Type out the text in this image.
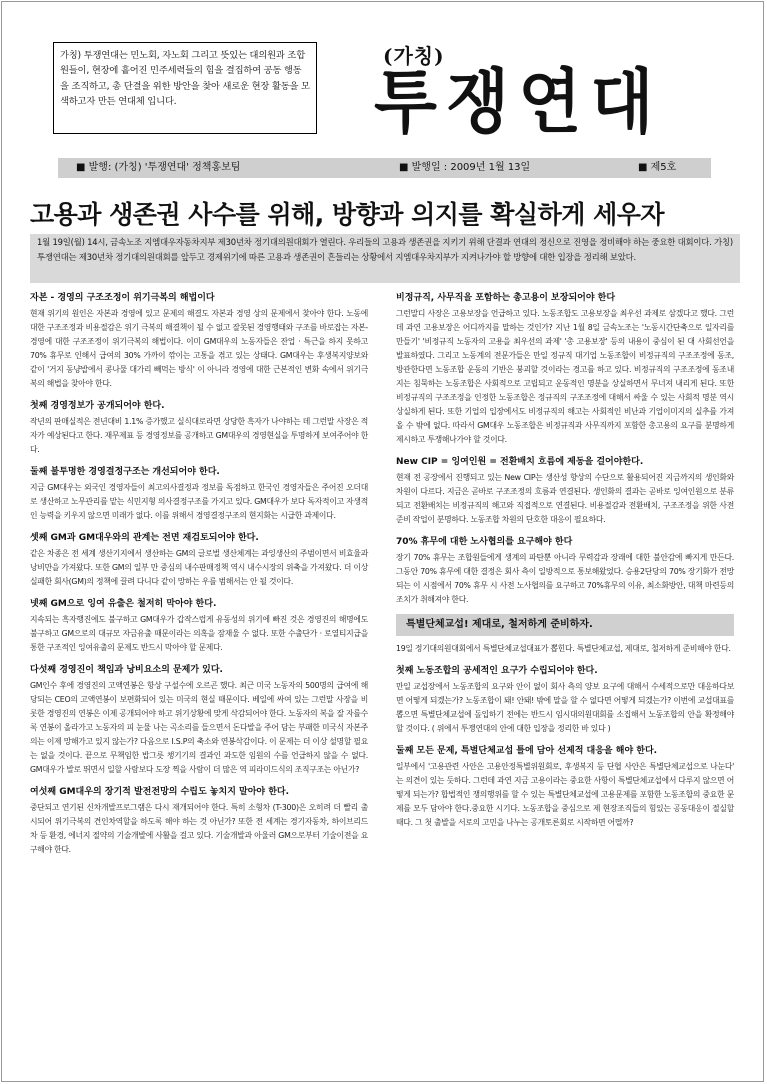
가칭) 투쟁연대는 민노회, 자노회 그리고 뜻있는 대의원과 조합원들이, 현장에 흩어진 민주세력들의 힘을 결집하여 공동 행동을 조직하고, 총 단결을 위한 방안을 찾아 새로운 현장 활동을 모색하고자 만든 연대체 입니다.
(가칭)
투쟁연대
■ 발행: (가칭) '투쟁연대' 정책홍보팀	■ 발행일 : 2009년 1월 13일	■ 제5호
고용과 생존권 사수를 위해, 방향과 의지를 확실하게 세우자
1월 19일(월) 14시, 금속노조 지엠대우자동차지부 제30년차 정기대의원대회가 열린다. 우리들의 고용과 생존권을 지키기 위해 단결과 연대의 정신으로 진영을 정비해야 하는 중요한 대회이다. 가칭)투쟁연대는 제30년차 정기대의원대회를 앞두고 경제위기에 따른 고용과 생존권이 흔들리는 상황에서 지엠대우차지부가 지켜나가야 할 방향에 대한 입장을 정리해 보았다.
자본 - 경영의 구조조정이 위기극복의 해법이다
현재 위기의 원인은 자본과 경영에 있고 문제의 해결도 자본과 경영 상의 문제에서 찾아야 한다. 노동에 대한 구조조정과 비용절감은 위기 극복의 해결책이 될 수 없고 잘못된 경영행태와 구조를 바로잡는 자본-경영에 대한 구조조정이 위기극복의 해법이다. 이미 GM대우의 노동자들은 잔업 · 특근을 하지 못하고 70% 휴무로 인해서 급여의 30% 가까이 깎이는 고통을 겪고 있는 상태다. GM대우는 후생복지양보와 같이 '거지 동냥밥에서 콩나물 대가리 빼먹는 방식' 이 아니라 경영에 대한 근본적인 변화 속에서 위기극복의 해법을 찾아야 한다.
첫째 경영정보가 공개되어야 한다.
작년의 판매실적은 전년대비 1.1% 증가했고 실식대로라면 상당한 흑자가 나야하는 데 그런말 사장은 적자가 예상된다고 한다. 재무제표 등 경영정보를 공개하고 GM대우의 경영현실을 투명하게 보여주어야 한다.
둘째 불투명한 경영결정구조는 개선되어야 한다.
지금 GM대우는 외국인 경영자들이 최고의사결정과 정보를 독점하고 한국인 경영자들은 주어진 오더대로 생산하고 노무관리를 맡는 식민지형 의사결정구조를 가지고 있다. GM대우가 보다 독자적이고 자생적인 능력을 키우지 않으면 미래가 없다. 이를 위해서 경영결정구조의 현지화는 시급한 과제이다.
셋째 GM과 GM대우와의 관계는 전면 재검토되어야 한다.
같은 차종은 전 세계 생산기지에서 생산하는 GM의 글로벌 생산체계는 과잉생산의 주범이면서 비효율과 낭비만을 가져왔다. 또한 GM의 일부 만 중심의 내수판매정책 역시 내수시장의 위축을 가져왔다. 더 이상 실패한 회사(GM)의 정책에 끌려 다니다 같이 망하는 우를 범해서는 안 될 것이다.
넷째 GM으로 잉여 유출은 철저히 막아야 한다.
지속되는 흑자행진에도 불구하고 GM대우가 갑작스럽게 유동성의 위기에 빠진 것은 경영진의 해명에도 불구하고 GM으로의 대규모 자금유출 때문이라는 의혹을 잠재울 수 없다. 또한 수출단가 · 로열티지급을 통한 구조적인 잉여유출의 문제도 반드시 막아야 할 문제다.
다섯째 경영진이 책임과 낭비요소의 문제가 있다.
GM인수 후에 경영진의 고액연봉은 항상 구설수에 오르곤 했다. 최근 미국 노동자의 500명의 급여에 해당되는 CEO의 고액연봉이 보편화되어 있는 미국의 현실 때문이다. 베일에 싸여 있는 그런말 사장을 비롯한 경영진의 연봉은 이제 공개되어야 하고 위기상황에 맞게 삭감되어야 한다. 노동자의 복을 잘 자를수록 연봉이 올라가고 노동자의 피 눈물 나는 곡소리를 들으면서 돈다발을 주어 담는 부패한 미국식 자본주의는 이제 망해가고 있지 않는가? 다음으로 I.S.P의 축소와 연봉삭감이다. 이 문제는 더 이상 설명할 필요는 없을 것이다. 끝으로 무책임한 밥그릇 챙기기의 결과인 과도한 임원의 수를 언급하지 않을 수 없다. GM대우가 발로 뛰면서 일할 사람보다 도장 찍을 사람이 더 많은 역 피라미드식의 조직구조는 아닌가?
여섯째 GM대우의 장기적 발전전망의 수립도 놓치지 말아야 한다.
중단되고 연기된 신차개발프로그램은 다시 재개되어야 한다. 특히 소형차 (T-300)은 오히려 더 빨리 출시되어 위기극복의 견인차역할을 하도록 해야 하는 것 아닌가? 또한 전 세계는 경기자동차, 하이브리드 차 등 환경, 에너지 절약의 기술개발에 사활을 걸고 있다. 기술개발과 아울러 GM으로부터 기술이전을 요구해야 한다.
비정규직, 사무직을 포함하는 총고용이 보장되어야 한다
그런말디 사장은 고용보장을 언급하고 있다. 노동조합도 고용보장을 최우선 과제로 삼겠다고 했다. 그런데 과연 고용보장은 어디까지를 말하는 것인가? 지난 1월 8일 금속노조는 '노동시간단축으로 일자리를 만들기' '비정규직 노동자의 고용을 최우선의 과제' '총 고용보장' 등의 내용이 중심이 된 대 사회선언을 발표하였다. 그리고 노동계의 전문가들은 만일 정규직 대기업 노동조합이 비정규직의 구조조정에 동조, 방관한다면 노동조합 운동의 기반은 붕괴할 것이라는 경고를 하고 있다. 비정규직의 구조조정에 동조내지는 침묵하는 노동조합은 사회적으로 고립되고 운동적인 명분을 상실하면서 무너져 내리게 된다. 또한 비정규직의 구조조정을 인정한 노동조합은 정규직의 구조조정에 대해서 싸울 수 있는 사회적 명분 역시 상실하게 된다. 또한 기업의 입장에서도 비정규직의 해고는 사회적인 비난과 기업이미지의 실추를 가져올 수 밖에 없다. 따라서 GM대우 노동조합은 비정규직과 사무직까지 포함한 총고용의 요구를 분명하게 제시하고 투쟁해나가야 할 것이다.
New CIP = 잉여인원 = 전환배치 흐름에 제동을 걸어야한다.
현재 전 공장에서 진행되고 있는 New CIP는 생산성 향상의 수단으로 활용되어진 지금까지의 생인화와차원이 다르다. 지금은 곧바로 구조조정의 흐름과 연결된다. 생인화의 결과는 곧바로 잉여인원으로 분류되고 전환배치는 비정규직의 해고와 직접적으로 연결된다. 비용절감과 전환배치, 구조조정을 위한 사전 준비 작업이 분명하다. 노동조합 차원의 단호한 대응이 필요하다.
70% 휴무에 대한 노사협의를 요구해야 한다
장기 70% 휴무는 조합원들에게 생계의 파탄뿐 아니라 무력감과 장래에 대한 불안감에 빠지게 만든다. 그동안 70% 휴무에 대한 결정은 회사 측이 일방적으로 통보해왔었다. 승용2단당의 70% 장기화가 전망되는 이 시점에서 70% 휴무 시 사전 노사협의를 요구하고 70%휴무의 이유, 최소화방안, 대책 마련등의 조치가 취해져야 한다.
특별단체교섭! 제대로, 철저하게 준비하자.
19일 정기대의원대회에서 특별단체교섭대표가 뽑힌다. 특별단체교섭, 제대로, 철저하게 준비해야 한다.
첫째 노동조합의 공세적인 요구가 수립되어야 한다.
만일 교섭장에서 노동조합의 요구와 안이 없이 회사 측의 양보 요구에 대해서 수세적으로만 대응하다보면 어떻게 되겠는가? 노동조합이 돼! 안돼! 밖에 말을 할 수 없다면 어떻게 되겠는가? 이번에 교섭대표를 뽑으면 특별단체교섭에 돌입하기 전에는 반드시 임시대의원대회를 소집해서 노동조합의 안을 확정해야 할 것이다. ( 위에서 투쟁연대의 안에 대한 입장을 정리한 바 있다 )
둘째 모든 문제, 특별단체교섭 틀에 담아 선제적 대응을 해야 한다.
일부에서 '고용관련 사안은 고용안정특별위원회로, 후생복지 등 단협 사안은 특별단체교섭으로 나눈다' 는 의견이 있는 듯하다. 그런데 과연 지금 고용이라는 중요한 사항이 특별단체교섭에서 다루지 않으면 어떻게 되는가? 합법적인 쟁의행위를 할 수 있는 특별단체교섭에 고용문제를 포함한 노동조합의 중요한 문제를 모두 담아야 한다.중요한 시기다. 노동조합을 중심으로 제 현장조직들의 힘있는 공동대응이 절실할 때다. 그 첫 출발을 서로의 고민을 나누는 공개토론회로 시작하면 어떨까?
